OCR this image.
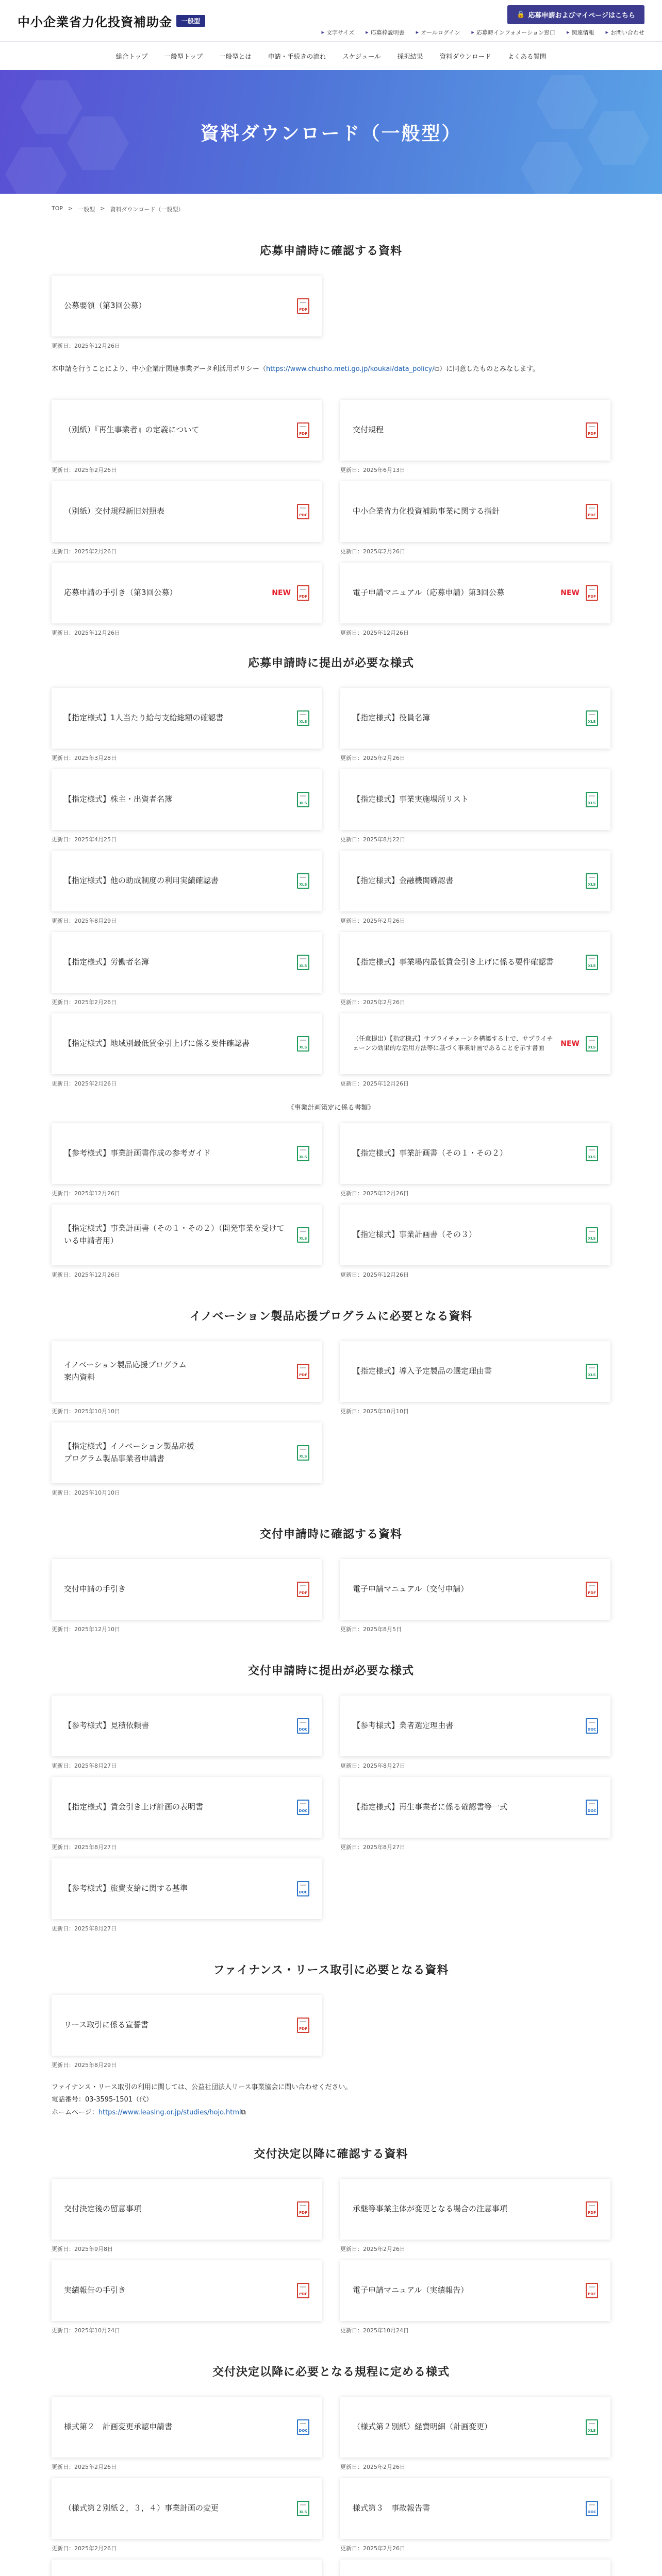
中小企業省力化投資補助金	一般型
🔒 応募申請およびマイページはこちら
▸ 文字サイズ ▸ 応募枠説明書 ▸ オールログイン ▸ 応募時インフォメーション窓口 ▸ 関連情報 ▸ お問い合わせ
総合トップ	一般型トップ	一般型とは	申請・手続きの流れ	スケジュール	採択結果	資料ダウンロード	よくある質問
資料ダウンロード（一般型）
TOP > 一般型 > 資料ダウンロード（一般型）
応募申請時に確認する資料
公募要領（第3回公募）	PDF
更新日：2025年12月26日

本申請を行うことにより、中小企業庁関連事業データ利活用ポリシー（https://www.chusho.meti.go.jp/koukai/data_policy/⧉）に同意したものとみなします。

（別紙）『再生事業者』の定義について	PDF
更新日：2025年2月26日
交付規程	PDF
更新日：2025年6月13日
（別紙）交付規程新旧対照表	PDF
更新日：2025年2月26日
中小企業省力化投資補助事業に関する指針	PDF
更新日：2025年2月26日
応募申請の手引き（第3回公募）	NEW PDF
更新日：2025年12月26日
電子申請マニュアル（応募申請）第3回公募	NEW PDF
更新日：2025年12月26日
応募申請時に提出が必要な様式
【指定様式】1人当たり給与支給総額の確認書	XLS
更新日：2025年3月28日
【指定様式】役員名簿	XLS
更新日：2025年2月26日
【指定様式】株主・出資者名簿	XLS
更新日：2025年4月25日
【指定様式】事業実施場所リスト	XLS
更新日：2025年8月22日
【指定様式】他の助成制度の利用実績確認書	XLS
更新日：2025年8月29日
【指定様式】金融機関確認書	XLS
更新日：2025年2月26日
【指定様式】労働者名簿	XLS
更新日：2025年2月26日
【指定様式】事業場内最低賃金引き上げに係る要件確認書	XLS
更新日：2025年2月26日
【指定様式】地域別最低賃金引上げに係る要件確認書	XLS
更新日：2025年2月26日
（任意提出）【指定様式】サプライチェーンを構築する上で、サプライチェーンの効果的な活用方法等に基づく事業計画であることを示す書面	NEW XLS
更新日：2025年12月26日

《事業計画策定に係る書類》

【参考様式】事業計画書作成の参考ガイド	XLS
更新日：2025年12月26日
【指定様式】事業計画書（その１・その２）	XLS
更新日：2025年12月26日
【指定様式】事業計画書（その１・その２）（開発事業を受けている申請者用）	XLS
更新日：2025年12月26日
【指定様式】事業計画書（その３）	XLS
更新日：2025年12月26日
イノベーション製品応援プログラムに必要となる資料
イノベーション製品応援プログラム
案内資料	PDF
更新日：2025年10月10日
【指定様式】導入予定製品の選定理由書	XLS
更新日：2025年10月10日
【指定様式】イノベーション製品応援
プログラム製品事業者申請書	XLS
更新日：2025年10月10日
交付申請時に確認する資料
交付申請の手引き	PDF
更新日：2025年12月10日
電子申請マニュアル（交付申請）	PDF
更新日：2025年8月5日
交付申請時に提出が必要な様式
【参考様式】見積依頼書	DOC
更新日：2025年8月27日
【参考様式】業者選定理由書	DOC
更新日：2025年8月27日
【指定様式】賃金引き上げ計画の表明書	DOC
更新日：2025年8月27日
【指定様式】再生事業者に係る確認書等一式	DOC
更新日：2025年8月27日
【参考様式】旅費支給に関する基準	DOC
更新日：2025年8月27日
ファイナンス・リース取引に必要となる資料
リース取引に係る宣誓書	PDF
更新日：2025年8月29日

ファイナンス・リース取引の利用に関しては、公益社団法人リース事業協会に問い合わせください。
電話番号：03-3595-1501（代）
ホームページ：https://www.leasing.or.jp/studies/hojo.html⧉

交付決定以降に確認する資料
交付決定後の留意事項	PDF
更新日：2025年9月8日
承継等事業主体が変更となる場合の注意事項	PDF
更新日：2025年2月26日
実績報告の手引き	PDF
更新日：2025年10月24日
電子申請マニュアル（実績報告）	PDF
更新日：2025年10月24日
交付決定以降に必要となる規程に定める様式
様式第２　計画変更承認申請書	DOC
更新日：2025年2月26日
（様式第２別紙）経費明細（計画変更）	XLS
更新日：2025年2月26日
（様式第２別紙２，３，４）事業計画の変更	XLS
更新日：2025年2月26日
様式第３　事故報告書	DOC
更新日：2025年2月26日
